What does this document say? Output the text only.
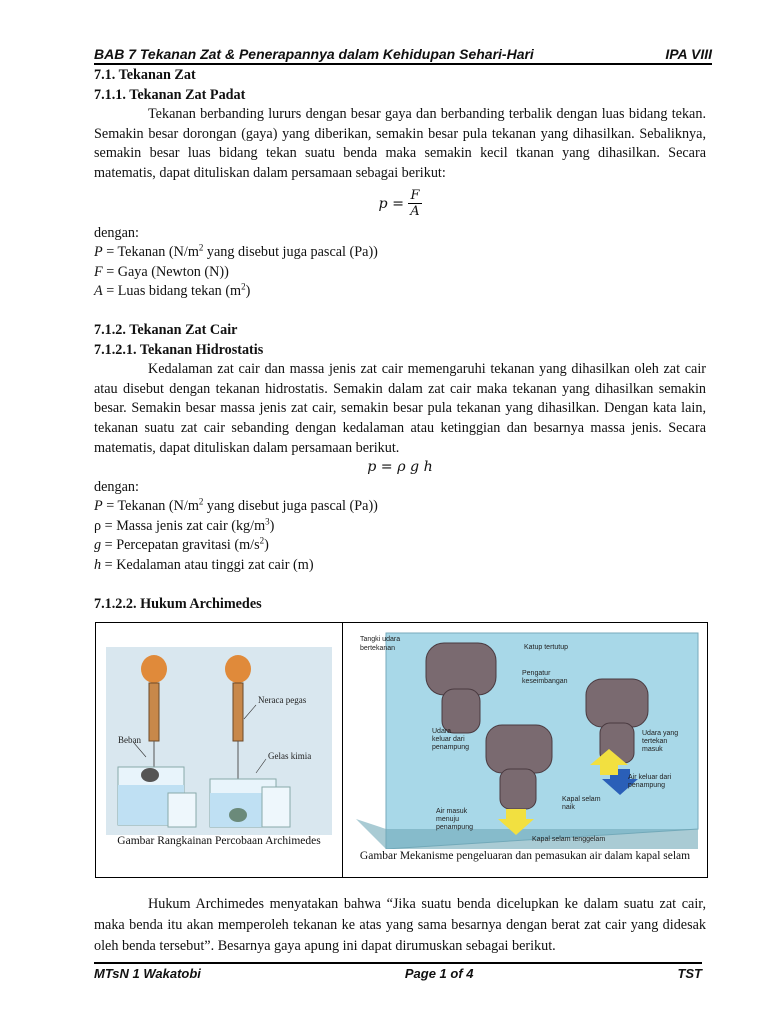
BAB 7 Tekanan Zat & Penerapannya dalam Kehidupan Sehari-Hari	IPA VIII
7.1. Tekanan Zat
7.1.1. Tekanan Zat Padat
Tekanan berbanding lururs dengan besar gaya dan berbanding terbalik dengan luas bidang tekan. Semakin besar dorongan (gaya) yang diberikan, semakin besar pula tekanan yang dihasilkan. Sebaliknya, semakin besar luas bidang tekan suatu benda maka semakin kecil tkanan yang dihasilkan. Secara matematis, dapat dituliskan dalam persamaan sebagai berikut:
$p = \frac{F}{A}$
dengan:
P = Tekanan ($N/m^2$ yang disebut juga pascal (Pa))
F = Gaya (Newton (N))
A = Luas bidang tekan $(m^2)$
7.1.2. Tekanan Zat Cair
7.1.2.1. Tekanan Hidrostatis
Kedalaman zat cair dan massa jenis zat cair memengaruhi tekanan yang dihasilkan oleh zat cair atau disebut dengan tekanan hidrostatis. Semakin dalam zat cair maka tekanan yang dihasilkan semakin besar. Semakin besar massa jenis zat cair, semakin besar pula tekanan yang dihasilkan. Dengan kata lain, tekanan suatu zat cair sebanding dengan kedalaman atau ketinggian dan besarnya massa jenis. Secara matematis, dapat dituliskan dalam persamaan berikut.
p = ρ g h
dengan:
P = Tekanan ($N/m^2$ yang disebut juga pascal (Pa))
ρ = Massa jenis zat cair $(kg/m^3)$
g = Percepatan gravitasi $(m/s^2)$
h = Kedalaman atau tinggi zat cair (m)
7.1.2.2. Hukum Archimedes
Neraca pegas
Beban
Gelas kimia
Gambar Rangkainan Percobaan Archimedes
Tangki udara
bertekanan	Katup tertutup
Pengatur
keseimbangan
Udara
keluar dari
penampung
Udara yang
tertekan
masuk
Air keluar dari
penampung
Kapal selam
naik
Air masuk
menuju
penampung
Kapal selam tenggelam
Gambar Mekanisme pengeluaran dan pemasukan air dalam kapal selam
Hukum Archimedes menyatakan bahwa “Jika suatu benda dicelupkan ke dalam suatu zat cair, maka benda itu akan memperoleh tekanan ke atas yang sama besarnya dengan berat zat cair yang didesak oleh benda tersebut”. Besarnya gaya apung ini dapat dirumuskan sebagai berikut.
MTsN 1 Wakatobi	Page 1 of 4	TST
